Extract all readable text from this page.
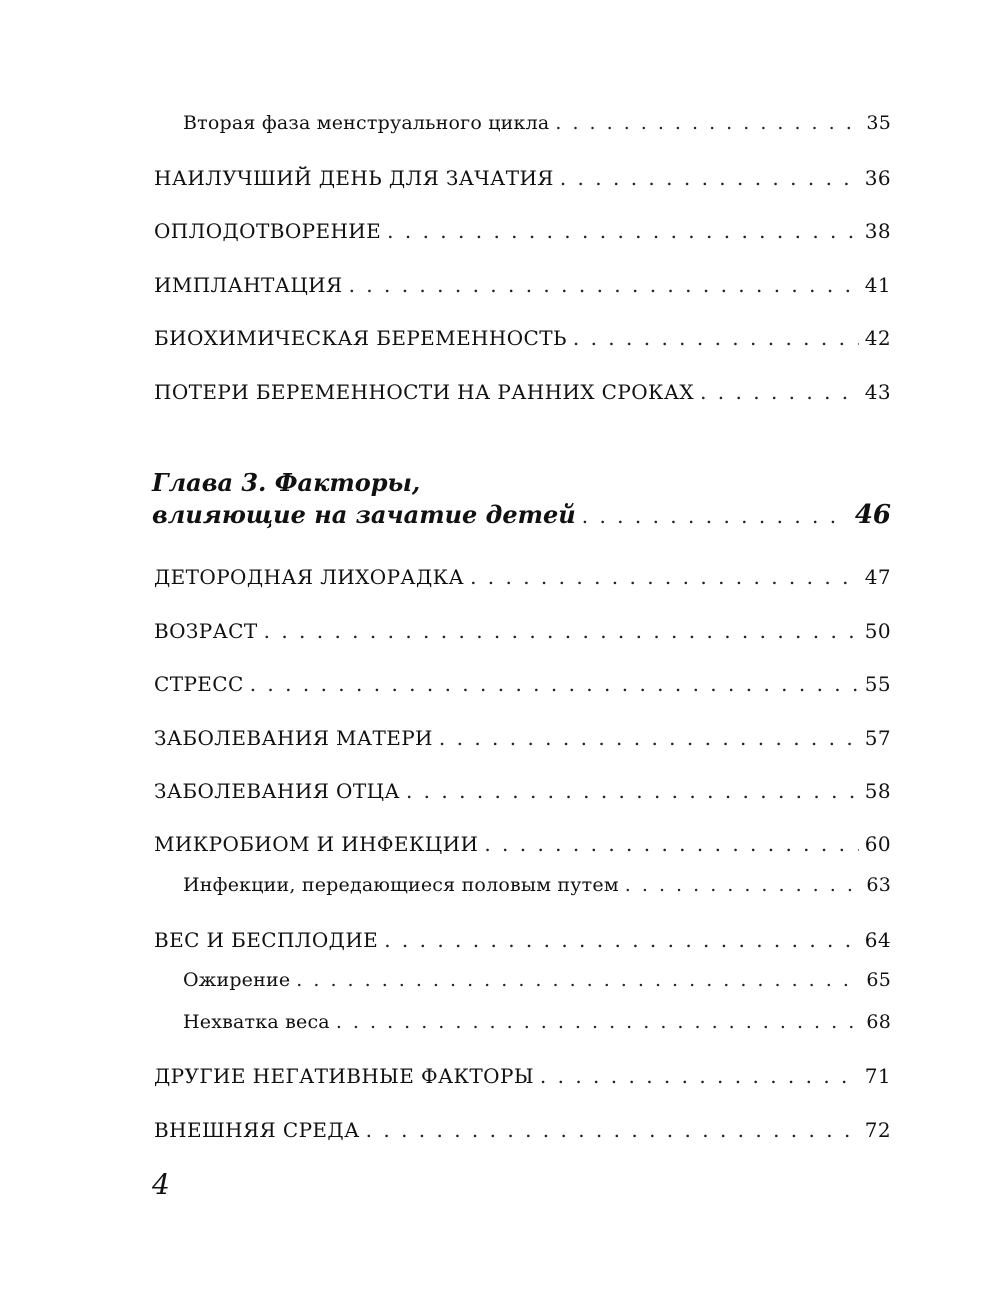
Вторая фаза менструального цикла . . .	35
НАИЛУЧШИЙ ДЕНЬ ДЛЯ ЗАЧАТИЯ . . .	36
ОПЛОДОТВОРЕНИЕ . . .	38
ИМПЛАНТАЦИЯ . . .	41
БИОХИМИЧЕСКАЯ БЕРЕМЕННОСТЬ . . .	42
ПОТЕРИ БЕРЕМЕННОСТИ НА РАННИХ СРОКАХ . . .	43
Глава 3. Факторы,
влияющие на зачатие детей . . .	46
ДЕТОРОДНАЯ ЛИХОРАДКА . . .	47
ВОЗРАСТ . . .	50
СТРЕСС . . .	55
ЗАБОЛЕВАНИЯ МАТЕРИ . . .	57
ЗАБОЛЕВАНИЯ ОТЦА . . .	58
МИКРОБИОМ И ИНФЕКЦИИ . . .	60
Инфекции, передающиеся половым путем . . .	63
ВЕС И БЕСПЛОДИЕ . . .	64
Ожирение . . .	65
Нехватка веса . . .	68
ДРУГИЕ НЕГАТИВНЫЕ ФАКТОРЫ . . .	71
ВНЕШНЯЯ СРЕДА . . .	72
4
